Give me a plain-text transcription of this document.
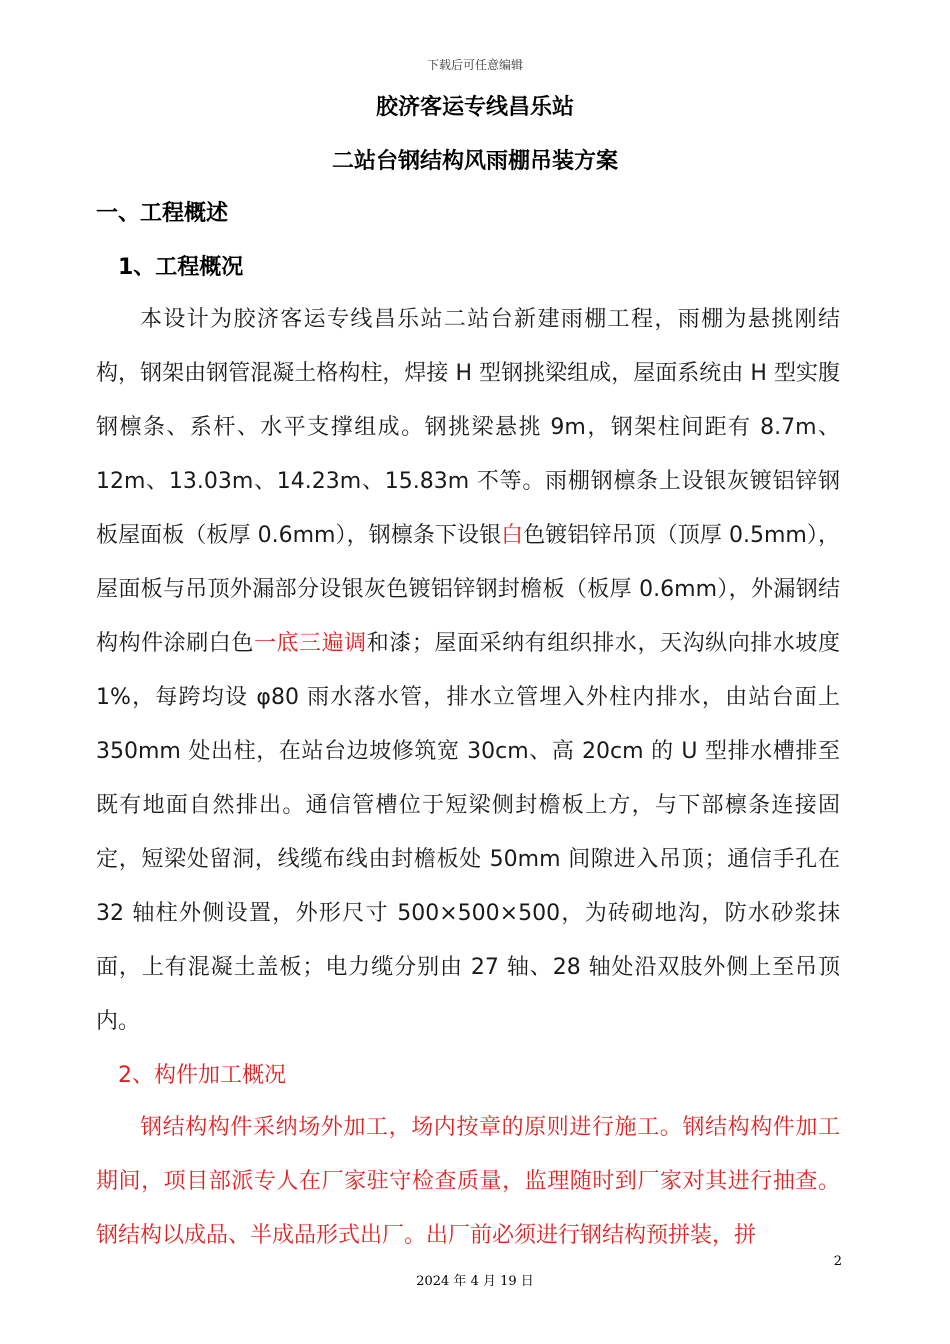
下载后可任意编辑
胶济客运专线昌乐站
二站台钢结构风雨棚吊装方案
一、工程概述
1、工程概况
本设计为胶济客运专线昌乐站二站台新建雨棚工程，雨棚为悬挑刚结构，钢架由钢管混凝土格构柱，焊接 H 型钢挑梁组成，屋面系统由 H 型实腹钢檩条、系杆、水平支撑组成。钢挑梁悬挑 9m，钢架柱间距有 8.7m、12m、13.03m、14.23m、15.83m 不等。雨棚钢檩条上设银灰镀铝锌钢板屋面板（板厚 0.6mm），钢檩条下设银白色镀铝锌吊顶（顶厚 0.5mm），屋面板与吊顶外漏部分设银灰色镀铝锌钢封檐板（板厚 0.6mm），外漏钢结构构件涂刷白色一底三遍调和漆；屋面采纳有组织排水，天沟纵向排水坡度 1%，每跨均设 φ80 雨水落水管，排水立管埋入外柱内排水，由站台面上 350mm 处出柱，在站台边坡修筑宽 30cm、高 20cm 的 U 型排水槽排至既有地面自然排出。通信管槽位于短梁侧封檐板上方，与下部檩条连接固定，短梁处留洞，线缆布线由封檐板处 50mm 间隙进入吊顶；通信手孔在 32 轴柱外侧设置，外形尺寸 500×500×500，为砖砌地沟，防水砂浆抹面，上有混凝土盖板；电力缆分别由 27 轴、28 轴处沿双肢外侧上至吊顶内。
2、构件加工概况
钢结构构件采纳场外加工，场内按章的原则进行施工。钢结构构件加工期间，项目部派专人在厂家驻守检查质量，监理随时到厂家对其进行抽查。钢结构以成品、半成品形式出厂。出厂前必须进行钢结构预拼装，拼
2
2024 年 4 月 19 日
